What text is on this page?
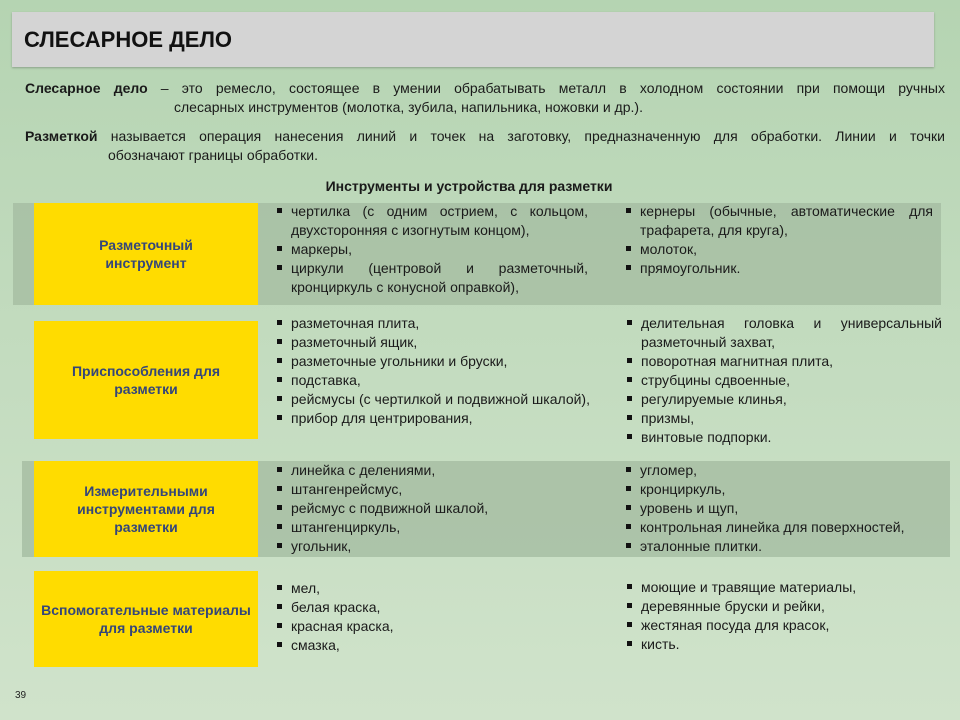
СЛЕСАРНОЕ ДЕЛО
Слесарное дело – это ремесло, состоящее в умении обрабатывать металл в холодном состоянии при помощи ручных
слесарных инструментов (молотка, зубила, напильника, ножовки и др.).
Разметкой называется операция нанесения линий и точек на заготовку, предназначенную для обработки. Линии и точки
обозначают границы обработки.
Инструменты и устройства для разметки
Разметочный инструмент
чертилка (с одним острием, с кольцом, двухсторонняя с изогнутым концом),
маркеры,
циркули (центровой и разметочный, кронциркуль с конусной оправкой),
кернеры (обычные, автоматические для трафарета, для круга),
молоток,
прямоугольник.
Приспособления для разметки
разметочная плита,
разметочный ящик,
разметочные угольники и бруски,
подставка,
рейсмусы (с чертилкой и подвижной шкалой),
прибор для центрирования,
делительная головка и универсальный разметочный захват,
поворотная магнитная плита,
струбцины сдвоенные,
регулируемые клинья,
призмы,
винтовые подпорки.
Измерительными инструментами для разметки
линейка с делениями,
штангенрейсмус,
рейсмус с подвижной шкалой,
штангенциркуль,
угольник,
угломер,
кронциркуль,
уровень и щуп,
контрольная линейка для поверхностей,
эталонные плитки.
Вспомогательные материалы для разметки
мел,
белая краска,
красная краска,
смазка,
моющие и травящие материалы,
деревянные бруски и рейки,
жестяная посуда для красок,
кисть.
39
